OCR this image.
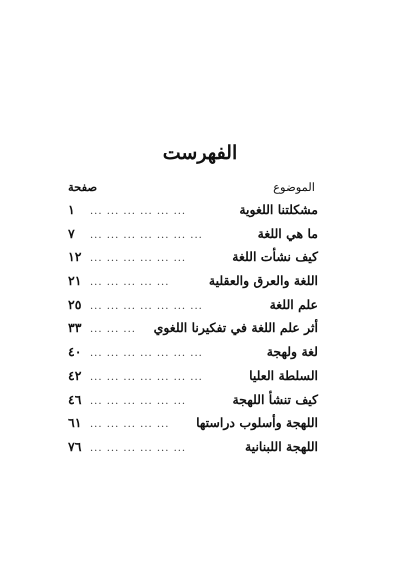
الفهرست
الموضوع
صفحة
مشكلتنا اللغوية
... ... ... ... ... ...
١
ما هي اللغة
... ... ... ... ... ... ...
٧
كيف نشأت اللغة
... ... ... ... ... ...
١٢
اللغة والعرق والعقلية
... ... ... ... ...
٢١
علم اللغة
... ... ... ... ... ... ...
٢٥
أثر علم اللغة في تفكيرنا اللغوي
... ... ...
٣٣
لغة ولهجة
... ... ... ... ... ... ...
٤٠
السلطة العليا
... ... ... ... ... ... ...
٤٢
كيف تنشأ اللهجة
... ... ... ... ... ...
٤٦
اللهجة وأسلوب دراستها
... ... ... ... ...
٦١
اللهجة اللبنانية
... ... ... ... ... ...
٧٦
